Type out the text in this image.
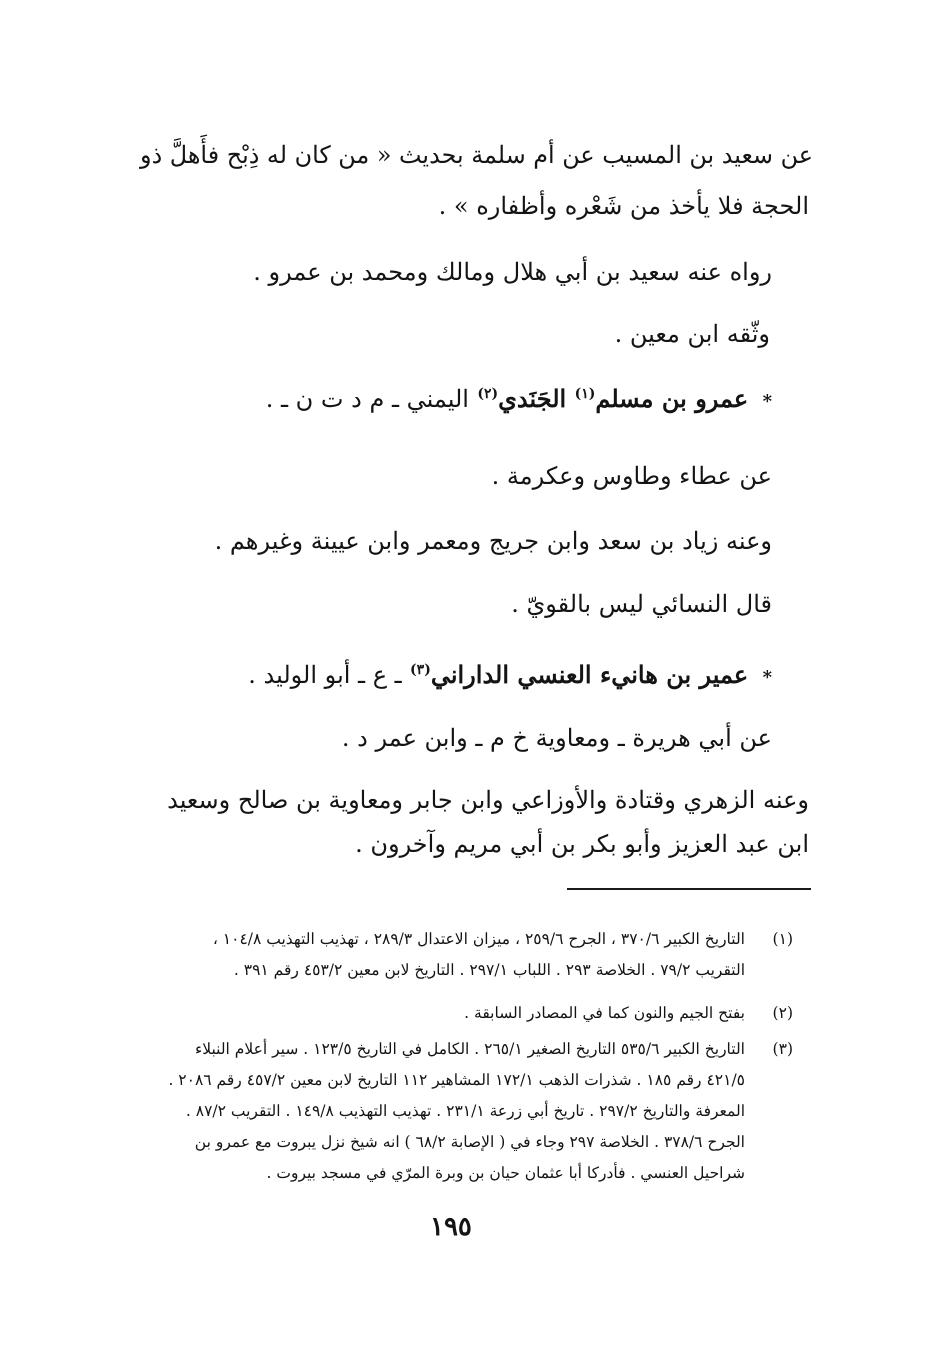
عن سعيد بن المسيب عن أم سلمة بحديث « من كان له ذِبْح فأَهلَّ ذو
الحجة فلا يأخذ من شَعْره وأظفاره » .
رواه عنه سعيد بن أبي هلال ومالك ومحمد بن عمرو .
وثّقه ابن معين .
* عمرو بن مسلم$^{(١)}$ الجَنَدي$^{(٢)}$ اليمني ـ م د ت ن ـ .
عن عطاء وطاوس وعكرمة .
وعنه زياد بن سعد وابن جريج ومعمر وابن عيينة وغيرهم .
قال النسائي ليس بالقويّ .
* عمير بن هانيء العنسي الداراني$^{(٣)}$ ـ ع ـ أبو الوليد .
عن أبي هريرة ـ ومعاوية خ م ـ وابن عمر د .
وعنه الزهري وقتادة والأوزاعي وابن جابر ومعاوية بن صالح وسعيد
ابن عبد العزيز وأبو بكر بن أبي مريم وآخرون .
(١)
التاريخ الكبير ٣٧٠/٦ ، الجرح ٢٥٩/٦ ، ميزان الاعتدال ٢٨٩/٣ ، تهذيب التهذيب ١٠٤/٨ ،
التقريب ٧٩/٢ . الخلاصة ٢٩٣ . اللباب ٢٩٧/١ . التاريخ لابن معين ٤٥٣/٢ رقم ٣٩١ .
(٢)
بفتح الجيم والنون كما في المصادر السابقة .
(٣)
التاريخ الكبير ٥٣٥/٦ التاريخ الصغير ٢٦٥/١ . الكامل في التاريخ ١٢٣/٥ . سير أعلام النبلاء
٤٢١/٥ رقم ١٨٥ . شذرات الذهب ١٧٢/١ المشاهير ١١٢ التاريخ لابن معين ٤٥٧/٢ رقم ٢٠٨٦ .
المعرفة والتاريخ ٢٩٧/٢ . تاريخ أبي زرعة ٢٣١/١ . تهذيب التهذيب ١٤٩/٨ . التقريب ٨٧/٢ .
الجرح ٣٧٨/٦ . الخلاصة ٢٩٧ وجاء في ( الإصابة ٦٨/٢ ) انه شيخ نزل يبروت مع عمرو بن
شراحيل العنسي . فأدركا أبا عثمان حيان بن وبرة المرّي في مسجد بيروت .
١٩٥
